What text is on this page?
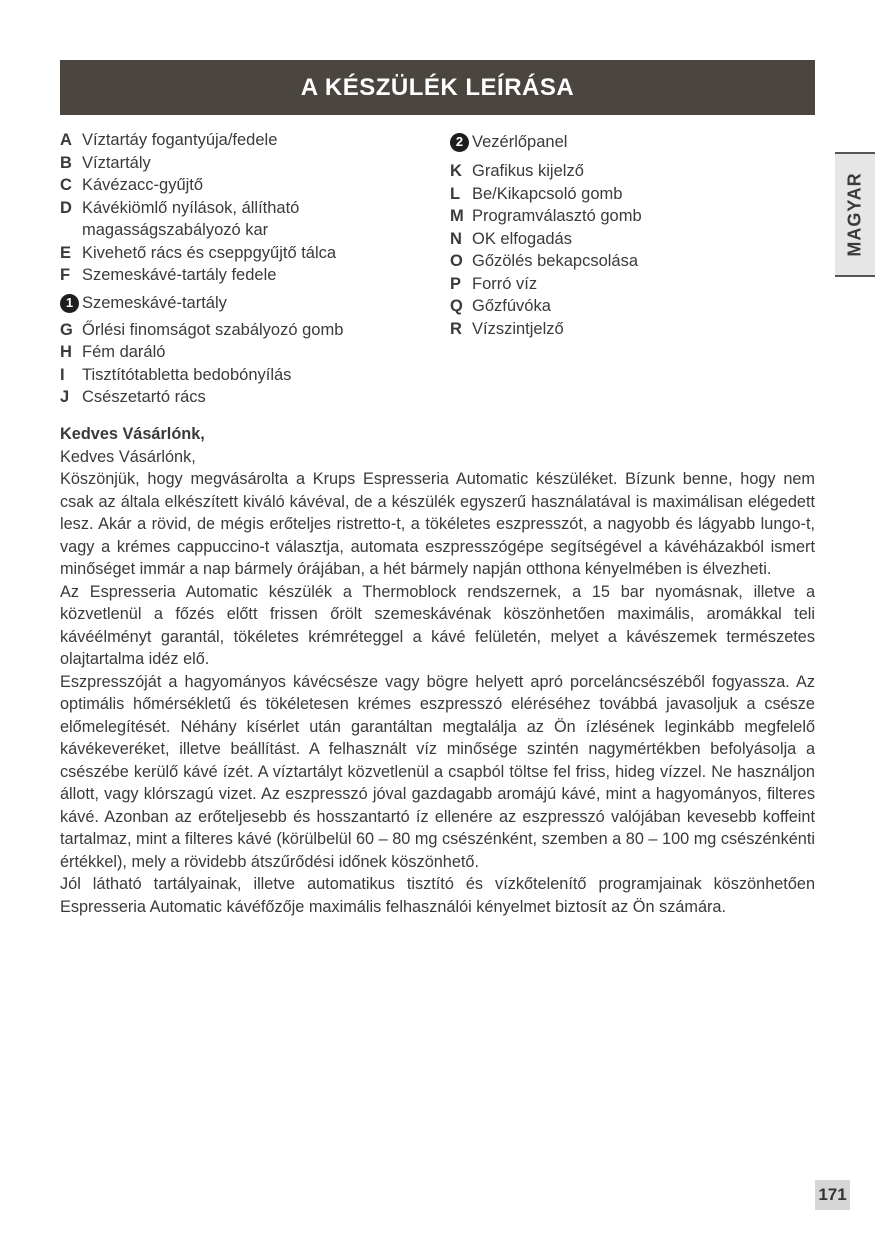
A KÉSZÜLÉK LEÍRÁSA
MAGYAR
A Víztartáy fogantyúja/fedele
B Víztartály
C Kávézacc-gyűjtő
D Kávékiömlő nyílások, állítható magasságszabályozó kar
E Kivehető rács és cseppgyűjtő tálca
F Szemeskávé-tartály fedele
1 Szemeskávé-tartály
G Őrlési finomságot szabályozó gomb
H Fém daráló
I	Tisztítótabletta bedobónyílás
J Csészetartó rács
2 Vezérlőpanel
K Grafikus kijelző
L Be/Kikapcsoló gomb
M Programválasztó gomb
N OK elfogadás
O Gőzölés bekapcsolása
P Forró víz
Q Gőzfúvóka
R Vízszintjelző

Kedves Vásárlónk,

Kedves Vásárlónk,

Köszönjük, hogy megvásárolta a Krups Espresseria Automatic készüléket. Bízunk benne, hogy nem csak az általa elkészített kiváló kávéval, de a készülék egyszerű használatával is maximálisan elégedett lesz. Akár a rövid, de mégis erőteljes ristretto-t, a tökéletes eszpresszót, a nagyobb és lágyabb lungo-t, vagy a krémes cappuccino-t választja, automata eszpresszógépe segítségével a kávéházakból ismert minőséget immár a nap bármely órájában, a hét bármely napján otthona kényelmében is élvezheti.

Az Espresseria Automatic készülék a Thermoblock rendszernek, a 15 bar nyomásnak, illetve a közvetlenül a főzés előtt frissen őrölt szemeskávénak köszönhetően maximális, aromákkal teli kávéélményt garantál, tökéletes krémréteggel a kávé felületén, melyet a kávészemek természetes olajtartalma idéz elő.

Eszpresszóját a hagyományos kávécsésze vagy bögre helyett apró porceláncsészéből fogyassza. Az optimális hőmérsékletű és tökéletesen krémes eszpresszó eléréséhez továbbá javasoljuk a csésze előmelegítését. Néhány kísérlet után garantáltan megtalálja az Ön ízlésének leginkább megfelelő kávékeveréket, illetve beállítást. A felhasznált víz minősége szintén nagymértékben befolyásolja a csészébe kerülő kávé ízét. A víztartályt közvetlenül a csapból töltse fel friss, hideg vízzel. Ne használjon állott, vagy klórszagú vizet. Az eszpresszó jóval gazdagabb aromájú kávé, mint a hagyományos, filteres kávé. Azonban az erőteljesebb és hosszantartó íz ellenére az eszpresszó valójában kevesebb koffeint tartalmaz, mint a filteres kávé (körülbelül 60 – 80 mg csészénként, szemben a 80 – 100 mg csészénkénti értékkel), mely a rövidebb átszűrődési időnek köszönhető.

Jól látható tartályainak, illetve automatikus tisztító és vízkőtelenítő programjainak köszönhetően Espresseria Automatic kávéfőzője maximális felhasználói kényelmet biztosít az Ön számára.

171
